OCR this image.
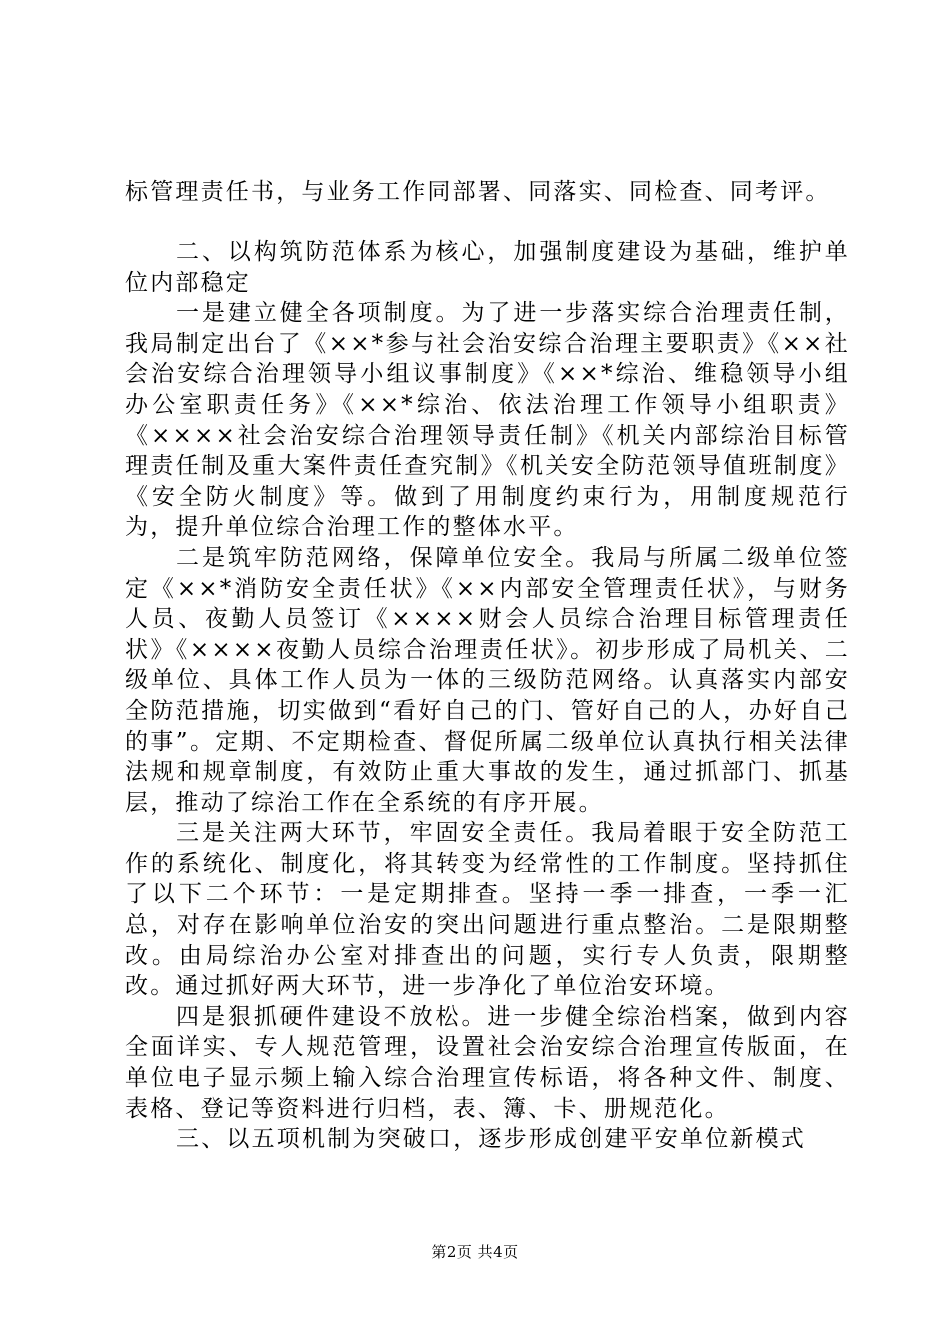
标管理责任书，与业务工作同部署、同落实、同检查、同考评。

二、以构筑防范体系为核心，加强制度建设为基础，维护单位内部稳定

一是建立健全各项制度。为了进一步落实综合治理责任制，我局制定出台了《××*参与社会治安综合治理主要职责》《××社会治安综合治理领导小组议事制度》《××*综治、维稳领导小组办公室职责任务》《××*综治、依法治理工作领导小组职责》《××××社会治安综合治理领导责任制》《机关内部综治目标管理责任制及重大案件责任查究制》《机关安全防范领导值班制度》《安全防火制度》等。做到了用制度约束行为，用制度规范行为，提升单位综合治理工作的整体水平。

二是筑牢防范网络，保障单位安全。我局与所属二级单位签定《××*消防安全责任状》《××内部安全管理责任状》，与财务人员、夜勤人员签订《××××财会人员综合治理目标管理责任状》《××××夜勤人员综合治理责任状》。初步形成了局机关、二级单位、具体工作人员为一体的三级防范网络。认真落实内部安全防范措施，切实做到“看好自己的门、管好自己的人，办好自己的事”。定期、不定期检查、督促所属二级单位认真执行相关法律法规和规章制度，有效防止重大事故的发生，通过抓部门、抓基层，推动了综治工作在全系统的有序开展。

三是关注两大环节，牢固安全责任。我局着眼于安全防范工作的系统化、制度化，将其转变为经常性的工作制度。坚持抓住了以下二个环节：一是定期排查。坚持一季一排查，一季一汇总，对存在影响单位治安的突出问题进行重点整治。二是限期整改。由局综治办公室对排查出的问题，实行专人负责，限期整改。通过抓好两大环节，进一步净化了单位治安环境。

四是狠抓硬件建设不放松。进一步健全综治档案，做到内容全面详实、专人规范管理，设置社会治安综合治理宣传版面，在单位电子显示频上输入综合治理宣传标语，将各种文件、制度、表格、登记等资料进行归档，表、簿、卡、册规范化。

三、以五项机制为突破口，逐步形成创建平安单位新模式

第2页 共4页
